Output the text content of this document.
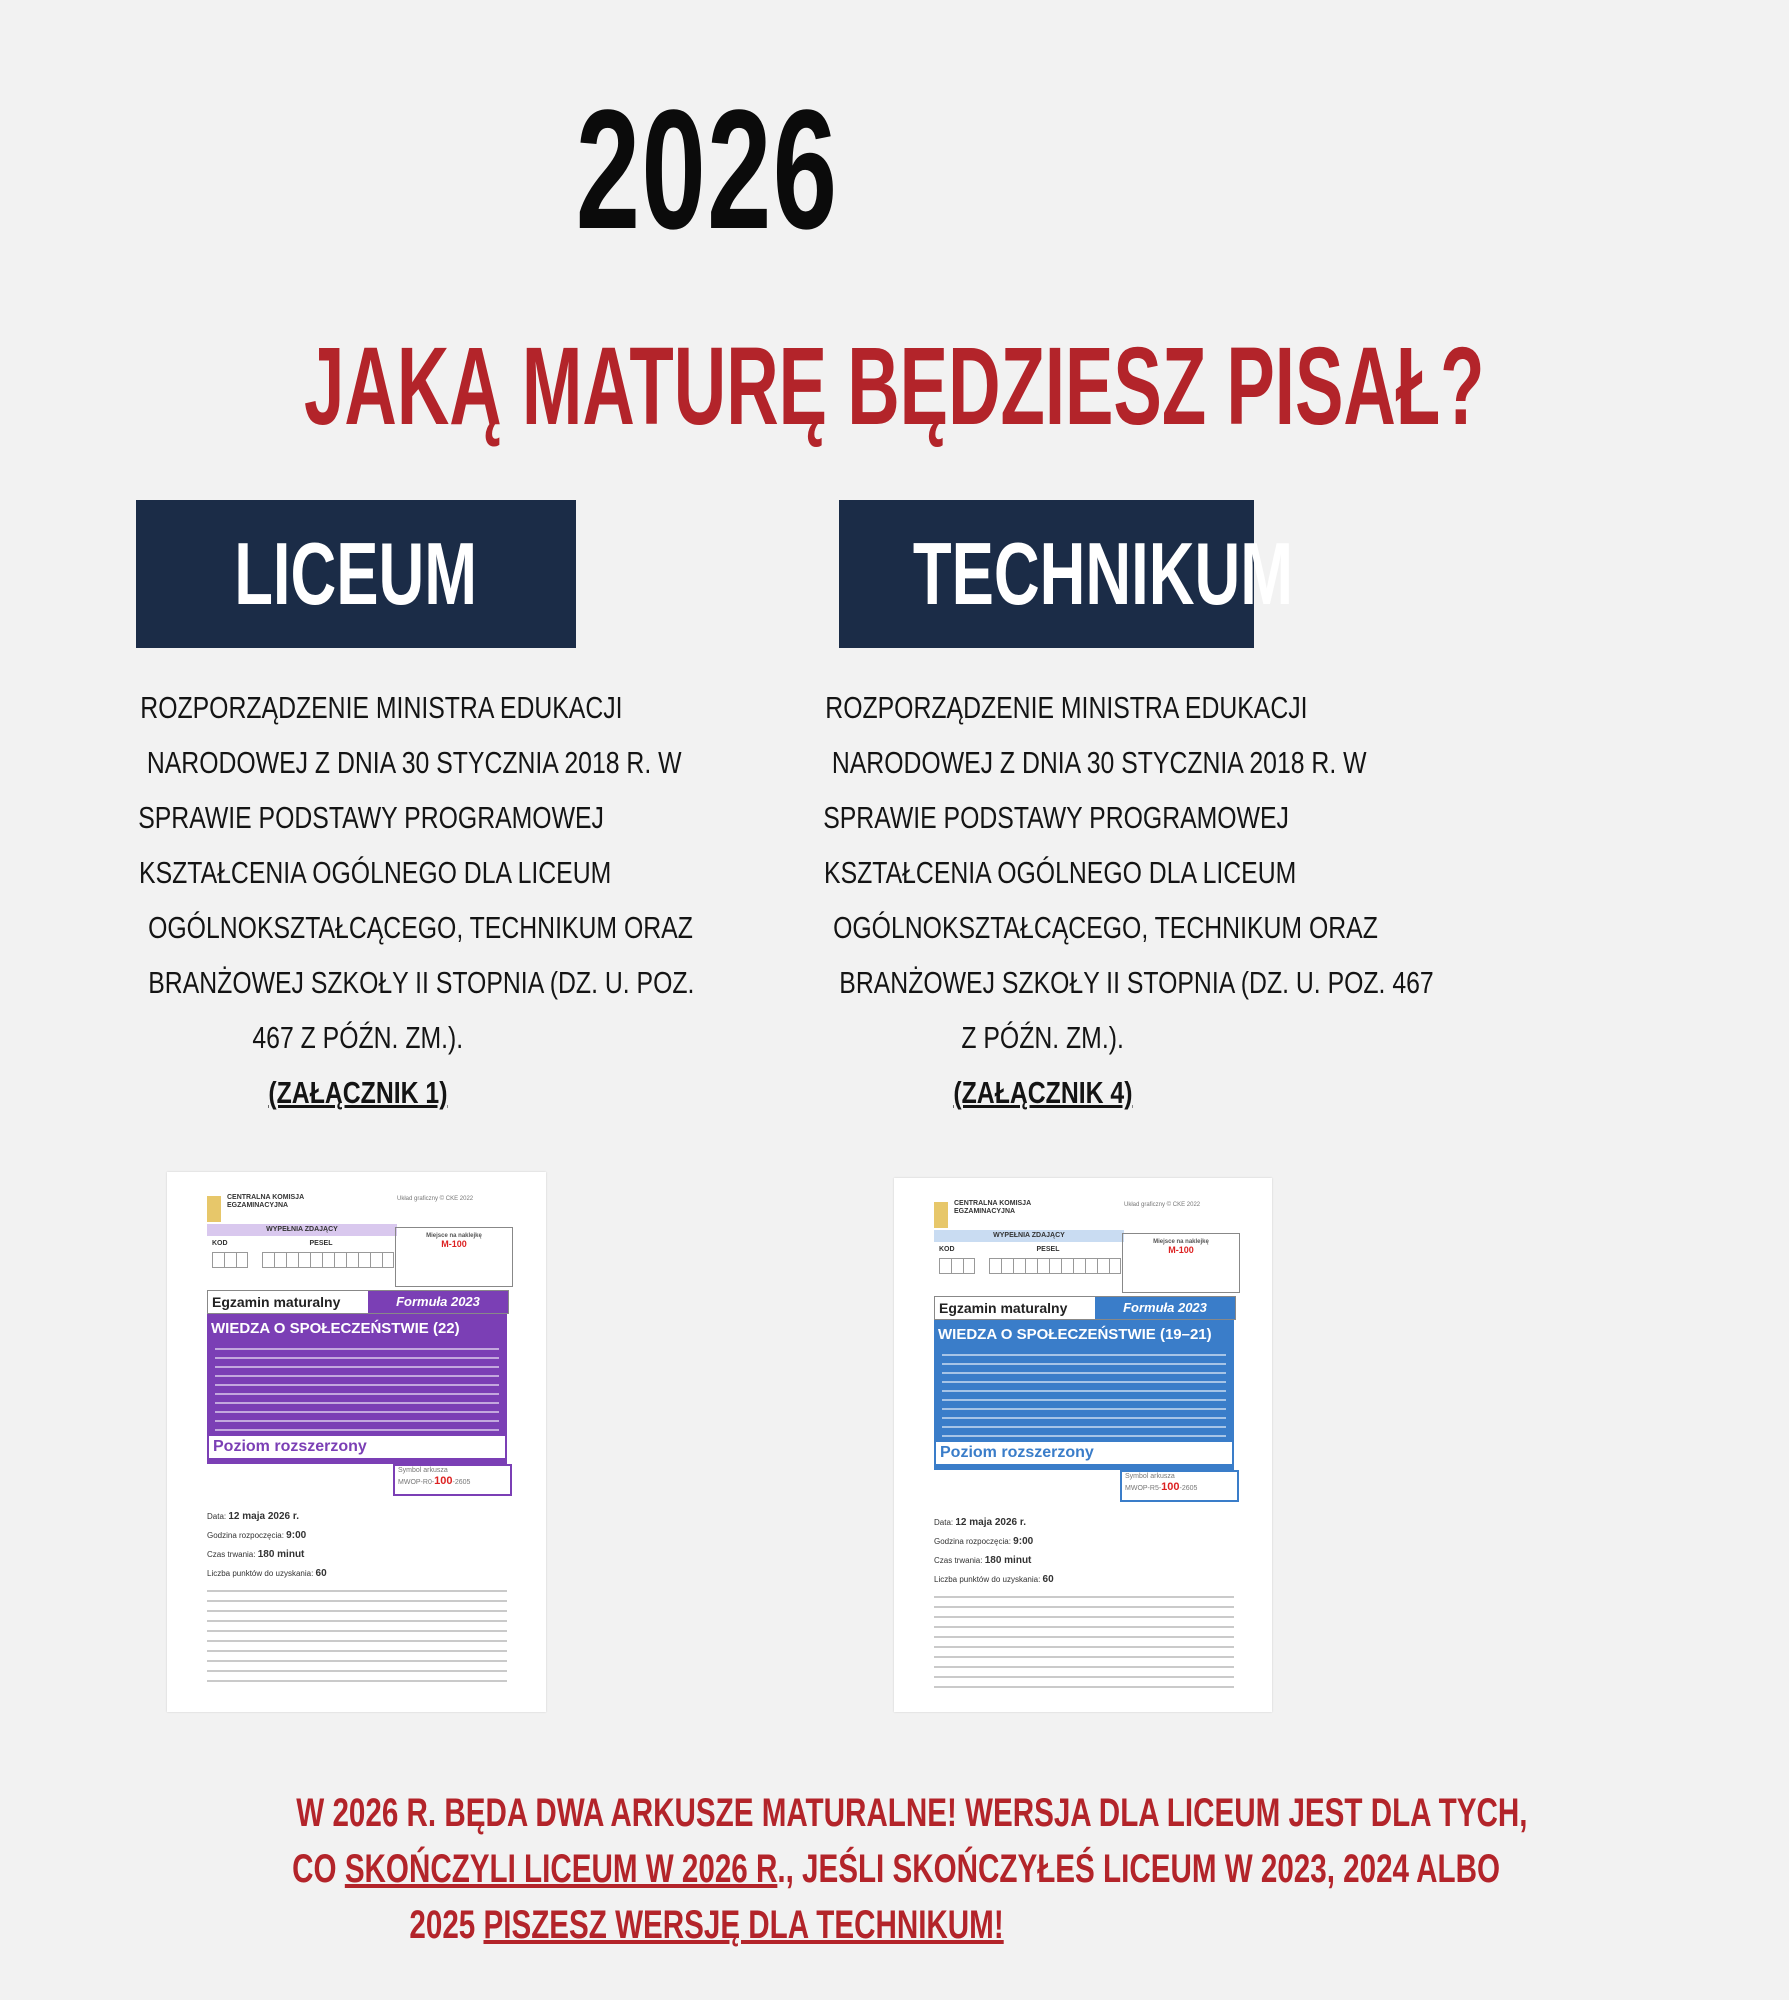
2026
JAKĄ MATURĘ BĘDZIESZ PISAŁ?
LICEUM	TECHNIKUM
ROZPORZĄDZENIE MINISTRA EDUKACJI
NARODOWEJ Z DNIA 30 STYCZNIA 2018 R. W
SPRAWIE PODSTAWY PROGRAMOWEJ
KSZTAŁCENIA OGÓLNEGO DLA LICEUM
OGÓLNOKSZTAŁCĄCEGO, TECHNIKUM ORAZ
BRANŻOWEJ SZKOŁY II STOPNIA (DZ. U. POZ.
467 Z PÓŹN. ZM.).
(ZAŁĄCZNIK 1)
ROZPORZĄDZENIE MINISTRA EDUKACJI
NARODOWEJ Z DNIA 30 STYCZNIA 2018 R. W
SPRAWIE PODSTAWY PROGRAMOWEJ
KSZTAŁCENIA OGÓLNEGO DLA LICEUM
OGÓLNOKSZTAŁCĄCEGO, TECHNIKUM ORAZ
BRANŻOWEJ SZKOŁY II STOPNIA (DZ. U. POZ. 467
Z PÓŹN. ZM.).
(ZAŁĄCZNIK 4)
CENTRALNA KOMISJA EGZAMINACYJNA
Układ graficzny © CKE 2022
WYPEŁNIA ZDAJĄCY
KOD	PESEL
Miejsce na naklejkę
M-100
Egzamin maturalny	Formuła 2023
WIEDZA O SPOŁECZEŃSTWIE (22)
Poziom rozszerzony
Symbol arkusza
MWOP-R0-100-2605
Data: 12 maja 2026 r.
Godzina rozpoczęcia: 9:00
Czas trwania: 180 minut
Liczba punktów do uzyskania: 60
CENTRALNA KOMISJA EGZAMINACYJNA
Układ graficzny © CKE 2022
WYPEŁNIA ZDAJĄCY
KOD	PESEL
Miejsce na naklejkę
M-100
Egzamin maturalny	Formuła 2023
WIEDZA O SPOŁECZEŃSTWIE (19–21)
Poziom rozszerzony
Symbol arkusza
MWOP-R5-100-2605
Data: 12 maja 2026 r.
Godzina rozpoczęcia: 9:00
Czas trwania: 180 minut
Liczba punktów do uzyskania: 60
W 2026 R. BĘDA DWA ARKUSZE MATURALNE! WERSJA DLA LICEUM JEST DLA TYCH,
CO SKOŃCZYLI LICEUM W 2026 R., JEŚLI SKOŃCZYŁEŚ LICEUM W 2023, 2024 ALBO
2025 PISZESZ WERSJĘ DLA TECHNIKUM!
